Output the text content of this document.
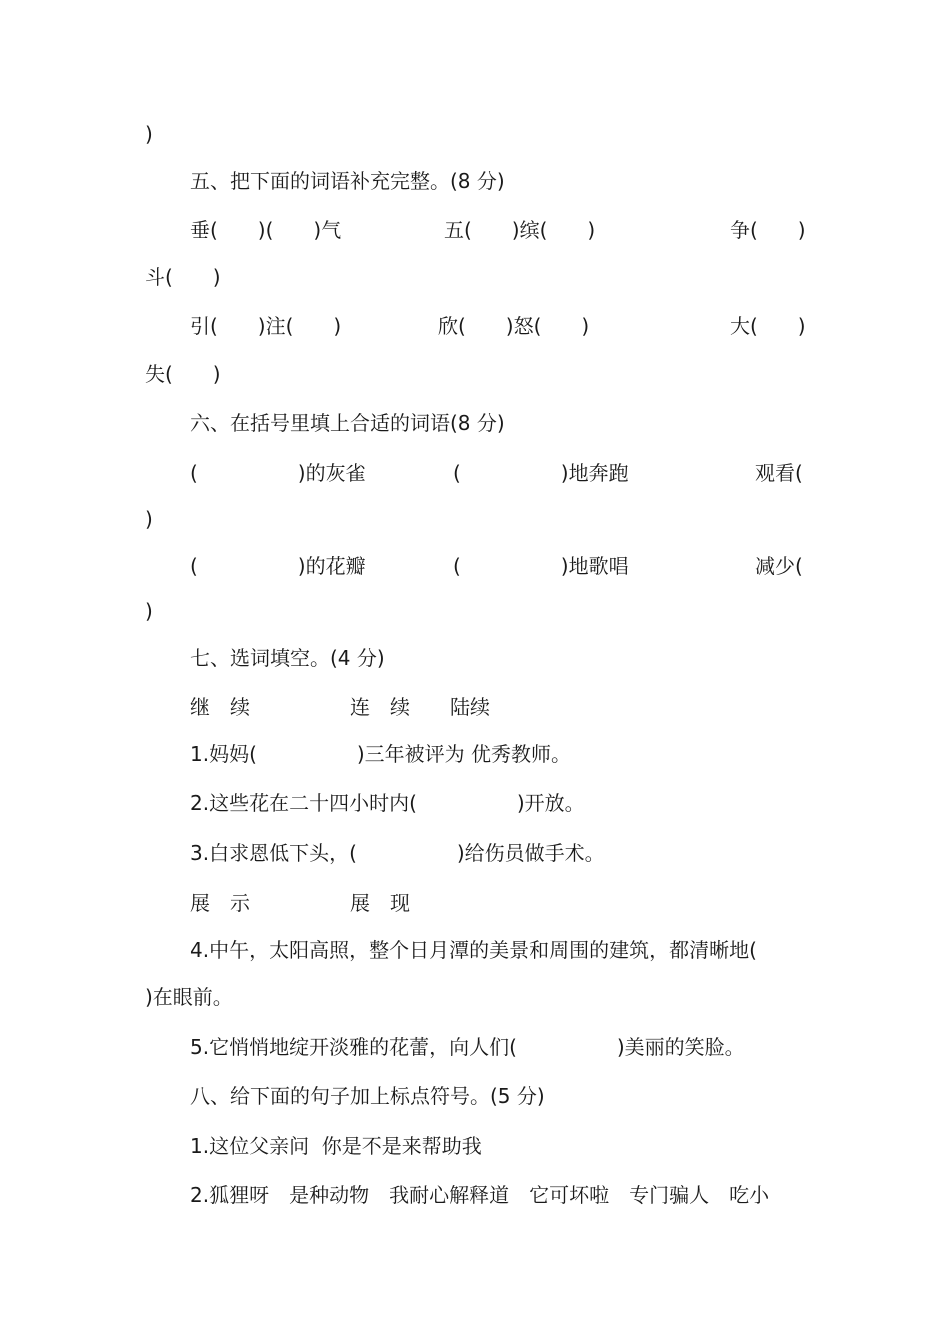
)
五、把下面的词语补充完整。(8 分)
垂(　　)(　　)气	五(　　)缤(　　)	争(　　)
斗(　　)
引(　　)注(　　)	欣(　　)怒(　　)	大(　　)
失(　　)
六、在括号里填上合适的词语(8 分)
(　　　　　)的灰雀	(　　　　　)地奔跑	观看(
)
(　　　　　)的花瓣	(　　　　　)地歌唱	减少(
)
七、选词填空。(4 分)
继　续　　　　　连　续　　陆续
1.妈妈(　　　　　)三年被评为 优秀教师。
2.这些花在二十四小时内(　　　　　)开放。
3.白求恩低下头，(　　　　　)给伤员做手术。
展　示　　　　　展　现
4.中午，太阳高照，整个日月潭的美景和周围的建筑，都清晰地(
)在眼前。
5.它悄悄地绽开淡雅的花蕾，向人们(　　　　　)美丽的笑脸。
八、给下面的句子加上标点符号。(5 分)
1.这位父亲问  你是不是来帮助我
2.狐狸呀　是种动物　我耐心解释道　它可坏啦　专门骗人　吃小
